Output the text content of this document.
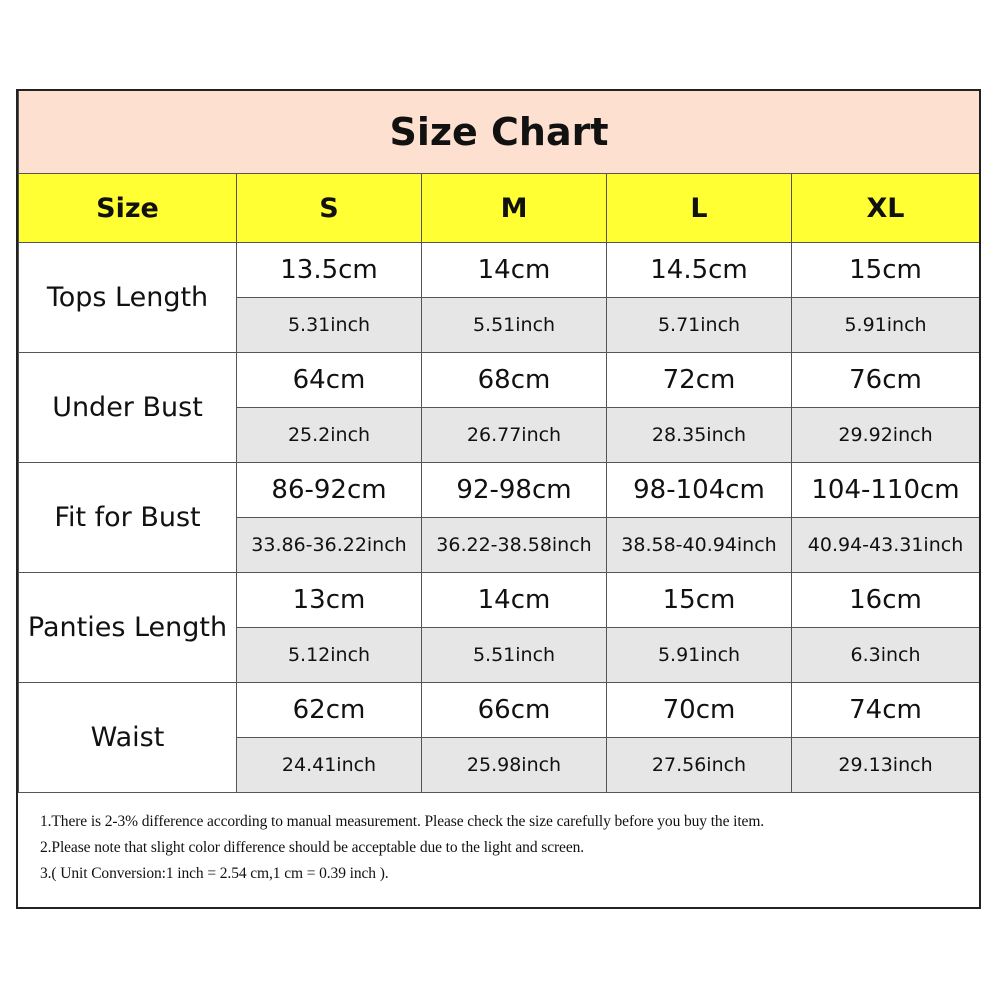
Size Chart				
Size	S	M	L	XL
Tops Length	13.5cm	14cm	14.5cm	15cm
	5.31inch	5.51inch	5.71inch	5.91inch
Under Bust	64cm	68cm	72cm	76cm
	25.2inch	26.77inch	28.35inch	29.92inch
Fit for Bust	86-92cm	92-98cm	98-104cm	104-110cm
	33.86-36.22inch	36.22-38.58inch	38.58-40.94inch	40.94-43.31inch
Panties Length	13cm	14cm	15cm	16cm
	5.12inch	5.51inch	5.91inch	6.3inch
Waist	62cm	66cm	70cm	74cm
	24.41inch	25.98inch	27.56inch	29.13inch
1.There is 2-3% difference according to manual measurement. Please check the size carefully before you buy the item.
2.Please note that slight color difference should be acceptable due to the light and screen.
3.( Unit Conversion:1 inch = 2.54 cm,1 cm = 0.39 inch ).
